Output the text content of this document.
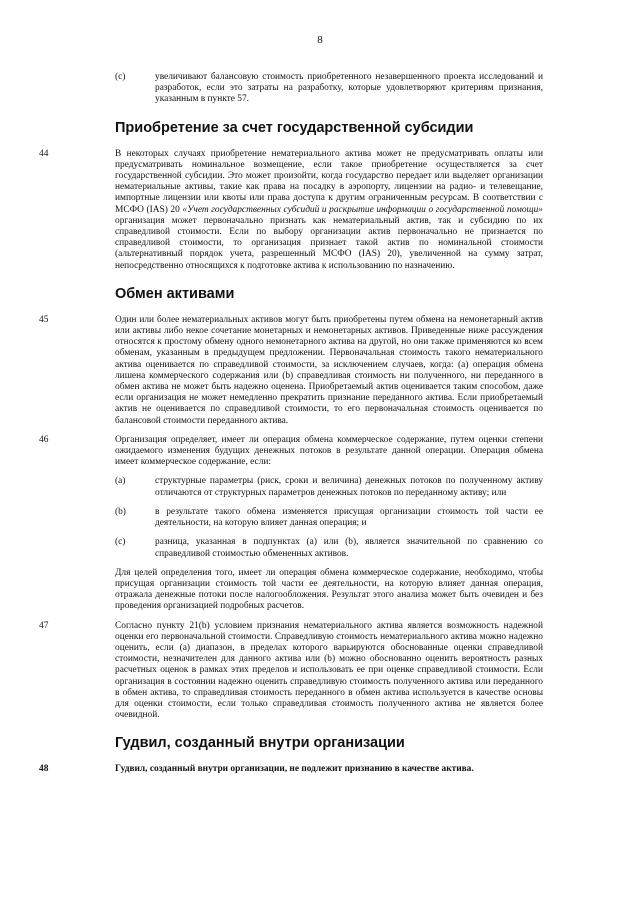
8
(c)	увеличивают балансовую стоимость приобретенного незавершенного проекта исследований и разработок, если это затраты на разработку, которые удовлетворяют критериям признания, указанным в пункте 57.
Приобретение за счет государственной субсидии
44	В некоторых случаях приобретение нематериального актива может не предусматривать оплаты или предусматривать номинальное возмещение, если такое приобретение осуществляется за счет государственной субсидии. Это может произойти, когда государство передает или выделяет организации нематериальные активы, такие как права на посадку в аэропорту, лицензии на радио- и телевещание, импортные лицензии или квоты или права доступа к другим ограниченным ресурсам. В соответствии с МСФО (IAS) 20 «Учет государственных субсидий и раскрытие информации о государственной помощи» организация может первоначально признать как нематериальный актив, так и субсидию по их справедливой стоимости. Если по выбору организации актив первоначально не признается по справедливой стоимости, то организация признает такой актив по номинальной стоимости (альтернативный порядок учета, разрешенный МСФО (IAS) 20), увеличенной на сумму затрат, непосредственно относящихся к подготовке актива к использованию по назначению.
Обмен активами
45	Один или более нематериальных активов могут быть приобретены путем обмена на немонетарный актив или активы либо некое сочетание монетарных и немонетарных активов. Приведенные ниже рассуждения относятся к простому обмену одного немонетарного актива на другой, но они также применяются ко всем обменам, указанным в предыдущем предложении. Первоначальная стоимость такого нематериального актива оценивается по справедливой стоимости, за исключением случаев, когда: (a) операция обмена лишена коммерческого содержания или (b) справедливая стоимость ни полученного, ни переданного в обмен актива не может быть надежно оценена. Приобретаемый актив оценивается таким способом, даже если организация не может немедленно прекратить признание переданного актива. Если приобретаемый актив не оценивается по справедливой стоимости, то его первоначальная стоимость оценивается по балансовой стоимости переданного актива.
46	Организация определяет, имеет ли операция обмена коммерческое содержание, путем оценки степени ожидаемого изменения будущих денежных потоков в результате данной операции. Операция обмена имеет коммерческое содержание, если:
(a)	структурные параметры (риск, сроки и величина) денежных потоков по полученному активу отличаются от структурных параметров денежных потоков по переданному активу; или
(b)	в результате такого обмена изменяется присущая организации стоимость той части ее деятельности, на которую влияет данная операция; и
(c)	разница, указанная в подпунктах (a) или (b), является значительной по сравнению со справедливой стоимостью обмененных активов.
Для целей определения того, имеет ли операция обмена коммерческое содержание, необходимо, чтобы присущая организации стоимость той части ее деятельности, на которую влияет данная операция, отражала денежные потоки после налогообложения. Результат этого анализа может быть очевиден и без проведения организацией подробных расчетов.
47	Согласно пункту 21(b) условием признания нематериального актива является возможность надежной оценки его первоначальной стоимости. Справедливую стоимость нематериального актива можно надежно оценить, если (a) диапазон, в пределах которого варьируются обоснованные оценки справедливой стоимости, незначителен для данного актива или (b) можно обоснованно оценить вероятность разных расчетных оценок в рамках этих пределов и использовать ее при оценке справедливой стоимости. Если организация в состоянии надежно оценить справедливую стоимость полученного актива или переданного в обмен актива, то справедливая стоимость переданного в обмен актива используется в качестве основы для оценки стоимости, если только справедливая стоимость полученного актива не является более очевидной.
Гудвил, созданный внутри организации
48	Гудвил, созданный внутри организации, не подлежит признанию в качестве актива.
